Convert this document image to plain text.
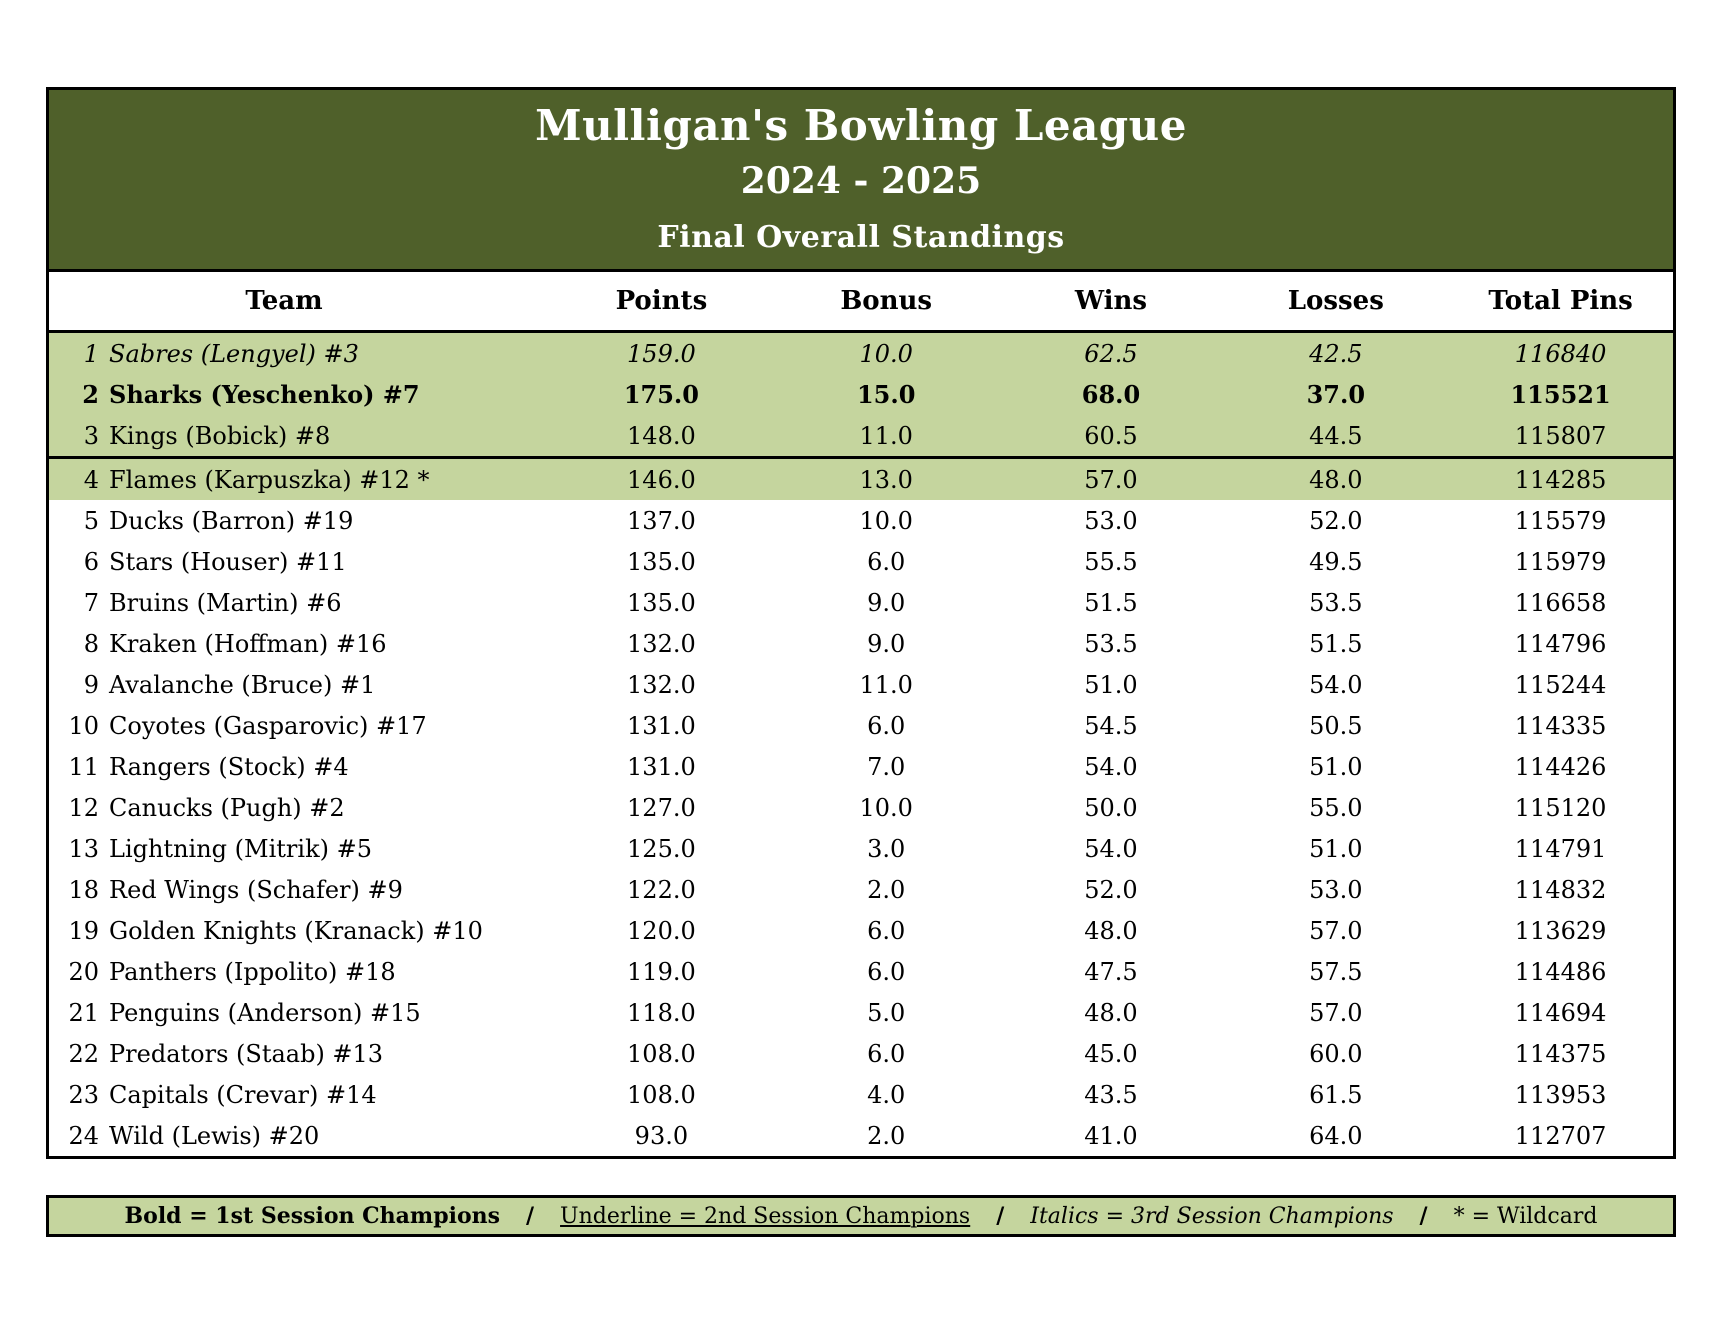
Mulligan's Bowling League
2024 - 2025
Final Overall Standings
Team	Points	Bonus	Wins	Losses	Total Pins
1 Sabres (Lengyel) #3	159.0	10.0	62.5	42.5	116840
2 Sharks (Yeschenko) #7	175.0	15.0	68.0	37.0	115521
3 Kings (Bobick) #8	148.0	11.0	60.5	44.5	115807
4 Flames (Karpuszka) #12 *	146.0	13.0	57.0	48.0	114285
5 Ducks (Barron) #19	137.0	10.0	53.0	52.0	115579
6 Stars (Houser) #11	135.0	6.0	55.5	49.5	115979
7 Bruins (Martin) #6	135.0	9.0	51.5	53.5	116658
8 Kraken (Hoffman) #16	132.0	9.0	53.5	51.5	114796
9 Avalanche (Bruce) #1	132.0	11.0	51.0	54.0	115244
10 Coyotes (Gasparovic) #17	131.0	6.0	54.5	50.5	114335
11 Rangers (Stock) #4	131.0	7.0	54.0	51.0	114426
12 Canucks (Pugh) #2	127.0	10.0	50.0	55.0	115120
13 Lightning (Mitrik) #5	125.0	3.0	54.0	51.0	114791
18 Red Wings (Schafer) #9	122.0	2.0	52.0	53.0	114832
19 Golden Knights (Kranack) #10	120.0	6.0	48.0	57.0	113629
20 Panthers (Ippolito) #18	119.0	6.0	47.5	57.5	114486
21 Penguins (Anderson) #15	118.0	5.0	48.0	57.0	114694
22 Predators (Staab) #13	108.0	6.0	45.0	60.0	114375
23 Capitals (Crevar) #14	108.0	4.0	43.5	61.5	113953
24 Wild (Lewis) #20	93.0	2.0	41.0	64.0	112707
Bold = 1st Session Champions / Underline = 2nd Session Champions / Italics = 3rd Session Champions / * = Wildcard
